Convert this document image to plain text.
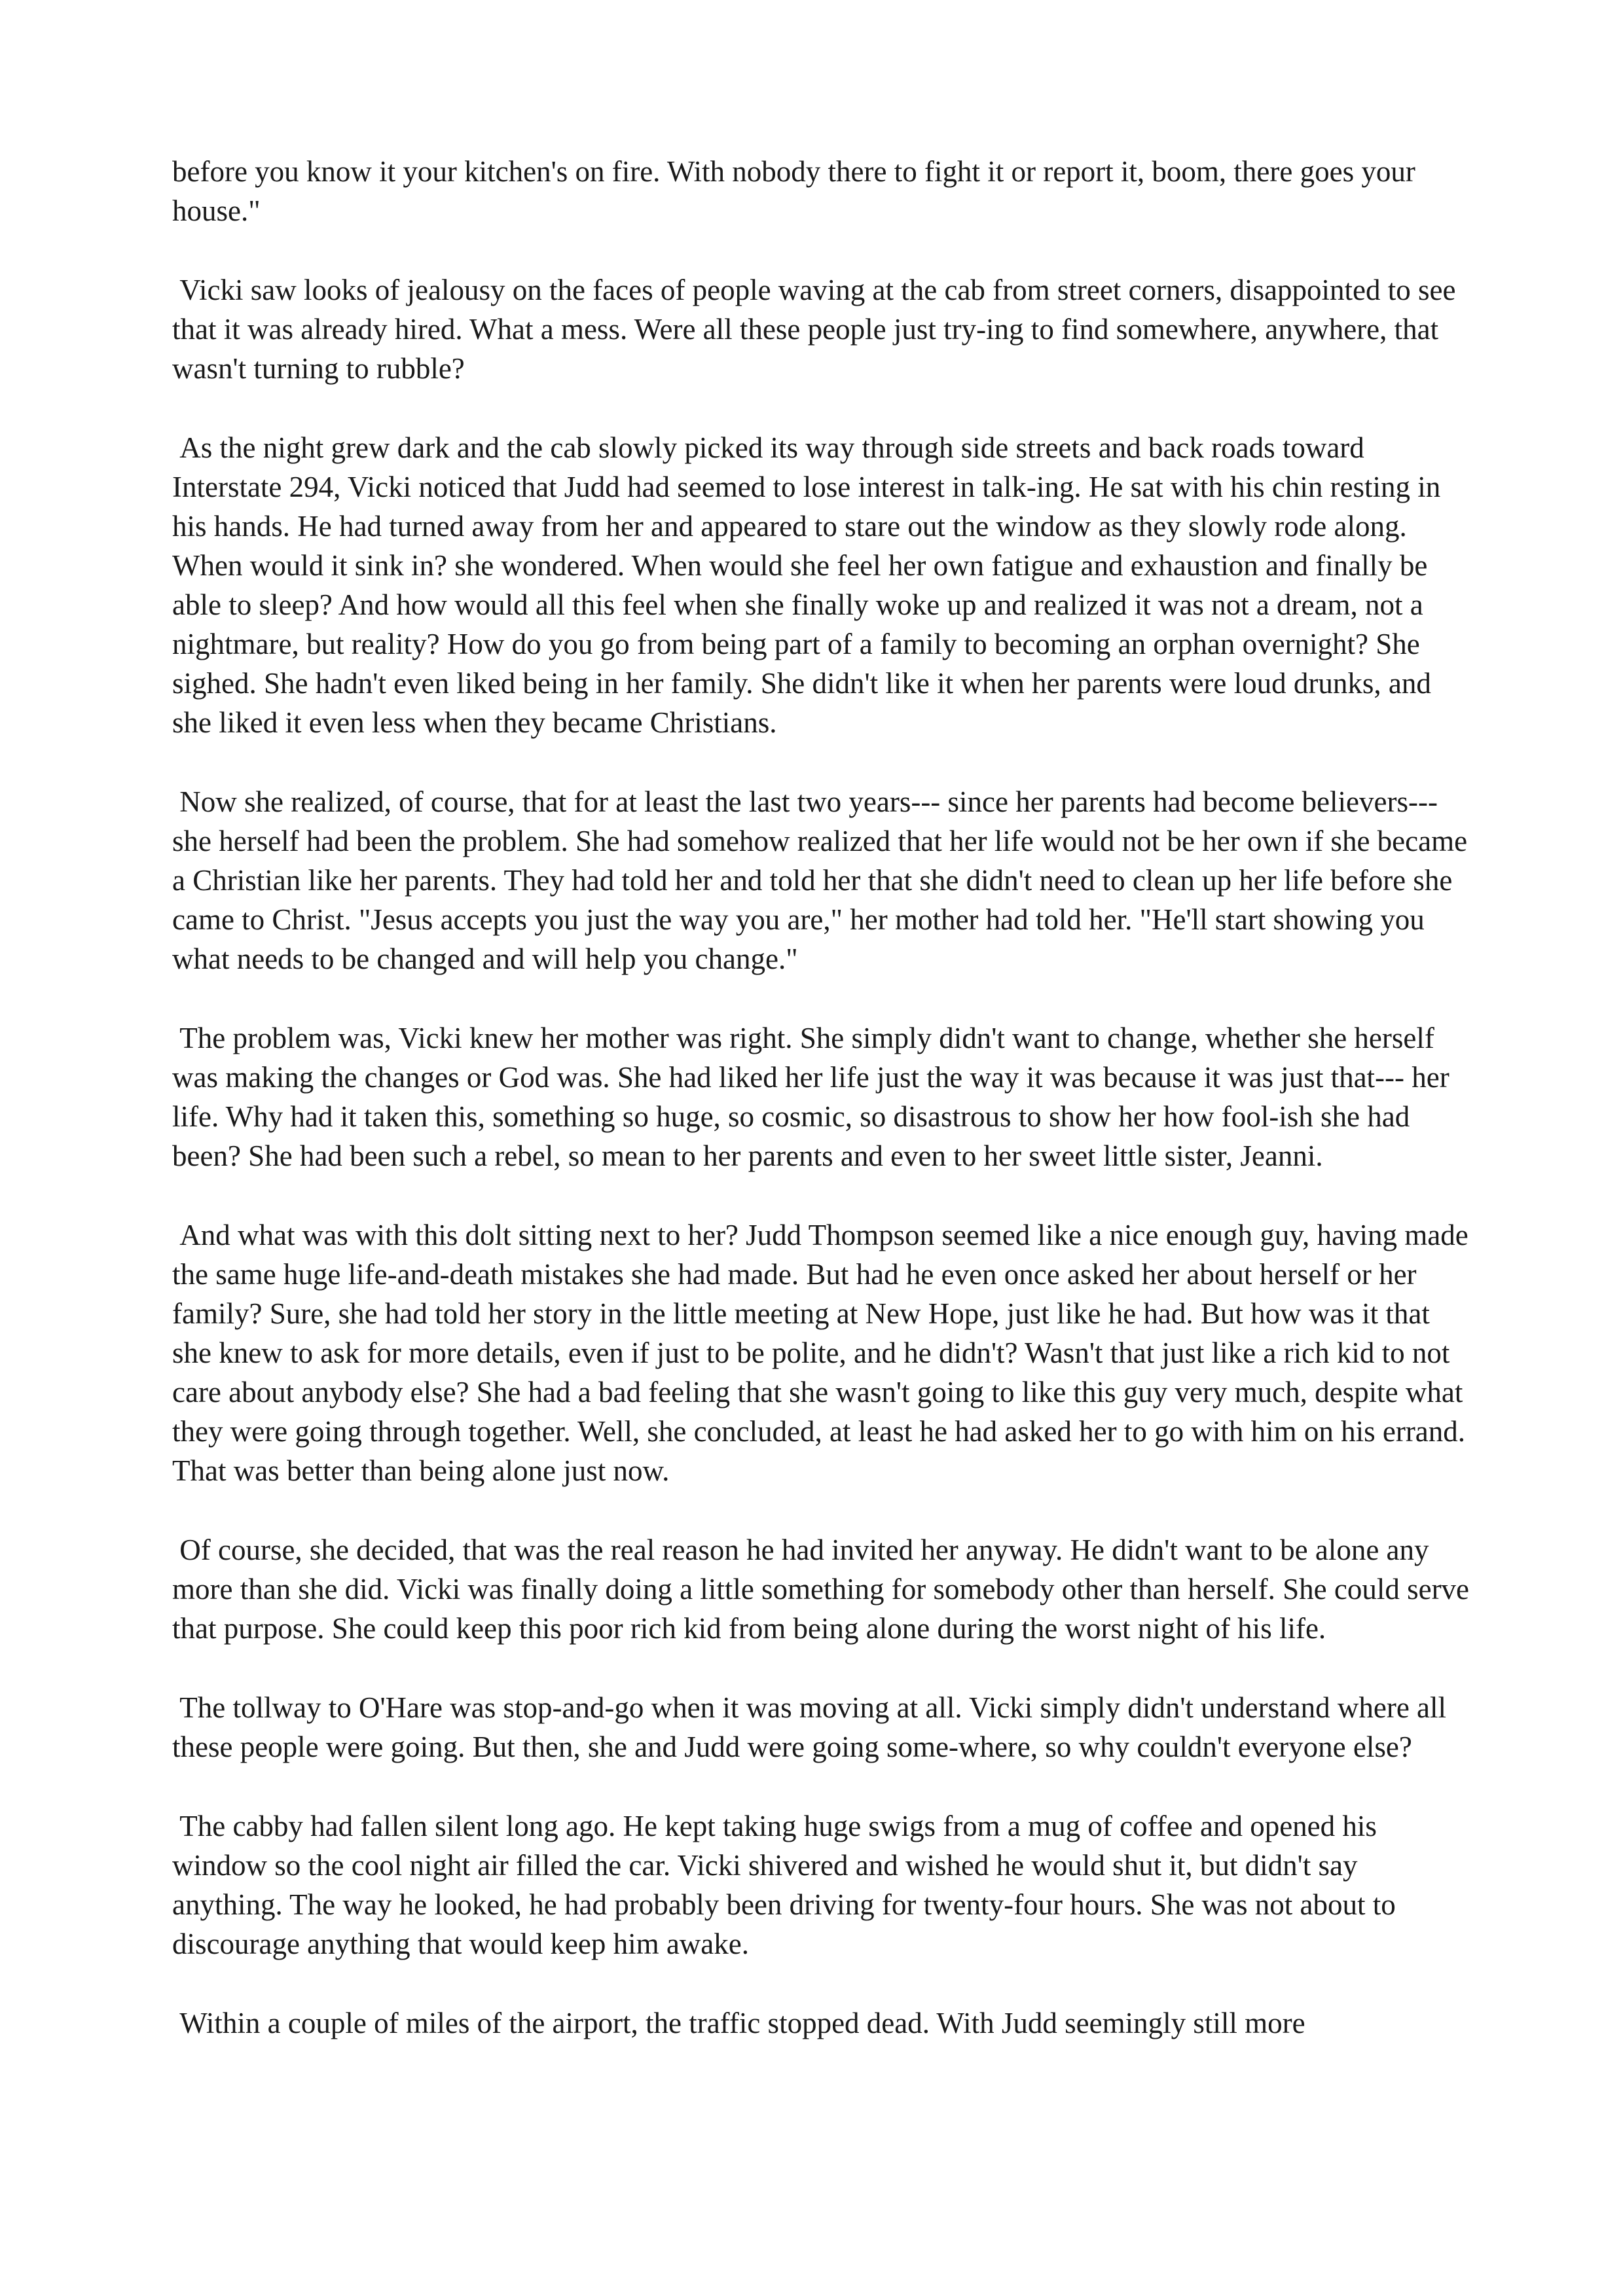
before you know it your kitchen's on fire. With nobody there to fight it or report it, boom, there goes your house."

Vicki saw looks of jealousy on the faces of people waving at the cab from street corners, disappointed to see that it was already hired. What a mess. Were all these people just try-ing to find somewhere, anywhere, that wasn't turning to rubble?

As the night grew dark and the cab slowly picked its way through side streets and back roads toward Interstate 294, Vicki noticed that Judd had seemed to lose interest in talk-ing. He sat with his chin resting in his hands. He had turned away from her and appeared to stare out the window as they slowly rode along. When would it sink in? she wondered. When would she feel her own fatigue and exhaustion and finally be able to sleep? And how would all this feel when she finally woke up and realized it was not a dream, not a nightmare, but reality? How do you go from being part of a family to becoming an orphan overnight? She sighed. She hadn't even liked being in her family. She didn't like it when her parents were loud drunks, and she liked it even less when they became Christians.

Now she realized, of course, that for at least the last two years--- since her parents had become believers--- she herself had been the problem. She had somehow realized that her life would not be her own if she became a Christian like her parents. They had told her and told her that she didn't need to clean up her life before she came to Christ. "Jesus accepts you just the way you are," her mother had told her. "He'll start showing you what needs to be changed and will help you change."

The problem was, Vicki knew her mother was right. She simply didn't want to change, whether she herself was making the changes or God was. She had liked her life just the way it was because it was just that--- her life. Why had it taken this, something so huge, so cosmic, so disastrous to show her how fool-ish she had been? She had been such a rebel, so mean to her parents and even to her sweet little sister, Jeanni.

And what was with this dolt sitting next to her? Judd Thompson seemed like a nice enough guy, having made the same huge life-and-death mistakes she had made. But had he even once asked her about herself or her family? Sure, she had told her story in the little meeting at New Hope, just like he had. But how was it that she knew to ask for more details, even if just to be polite, and he didn't? Wasn't that just like a rich kid to not care about anybody else? She had a bad feeling that she wasn't going to like this guy very much, despite what they were going through together. Well, she concluded, at least he had asked her to go with him on his errand. That was better than being alone just now.

Of course, she decided, that was the real reason he had invited her anyway. He didn't want to be alone any more than she did. Vicki was finally doing a little something for somebody other than herself. She could serve that purpose. She could keep this poor rich kid from being alone during the worst night of his life.

The tollway to O'Hare was stop-and-go when it was moving at all. Vicki simply didn't understand where all these people were going. But then, she and Judd were going some-where, so why couldn't everyone else?

The cabby had fallen silent long ago. He kept taking huge swigs from a mug of coffee and opened his window so the cool night air filled the car. Vicki shivered and wished he would shut it, but didn't say anything. The way he looked, he had probably been driving for twenty-four hours. She was not about to discourage anything that would keep him awake.

Within a couple of miles of the airport, the traffic stopped dead. With Judd seemingly still more
